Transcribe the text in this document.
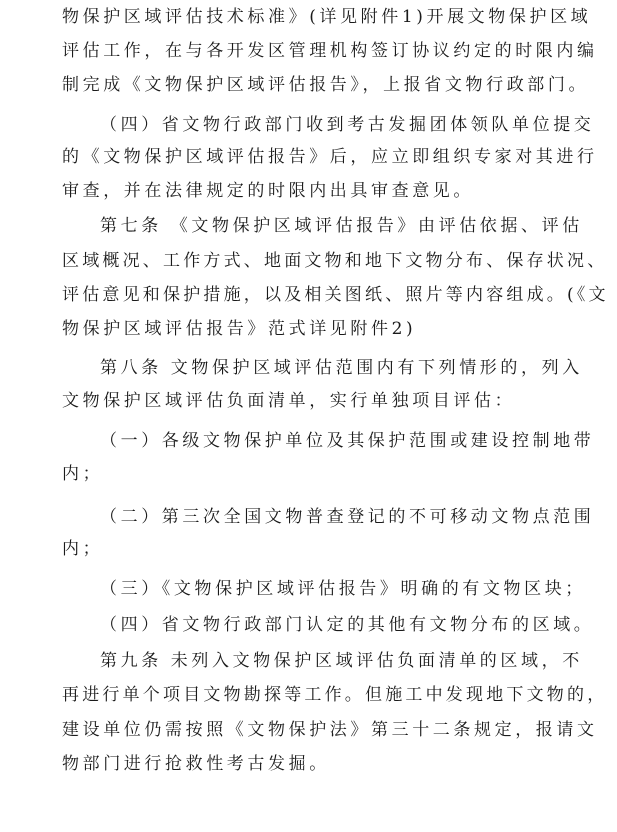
物保护区域评估技术标准》(详见附件1)开展文物保护区域
评估工作，在与各开发区管理机构签订协议约定的时限内编
制完成《文物保护区域评估报告》，上报省文物行政部门。
（四）省文物行政部门收到考古发掘团体领队单位提交
的《文物保护区域评估报告》后，应立即组织专家对其进行
审查，并在法律规定的时限内出具审查意见。
第七条 《文物保护区域评估报告》由评估依据、评估
区域概况、工作方式、地面文物和地下文物分布、保存状况、
评估意见和保护措施，以及相关图纸、照片等内容组成。(《文
物保护区域评估报告》范式详见附件2)
第八条 文物保护区域评估范围内有下列情形的，列入
文物保护区域评估负面清单，实行单独项目评估：
（一）各级文物保护单位及其保护范围或建设控制地带
内；
（二）第三次全国文物普查登记的不可移动文物点范围
内；
（三）《文物保护区域评估报告》明确的有文物区块；
（四）省文物行政部门认定的其他有文物分布的区域。
第九条 未列入文物保护区域评估负面清单的区域，不
再进行单个项目文物勘探等工作。但施工中发现地下文物的，
建设单位仍需按照《文物保护法》第三十二条规定，报请文
物部门进行抢救性考古发掘。
